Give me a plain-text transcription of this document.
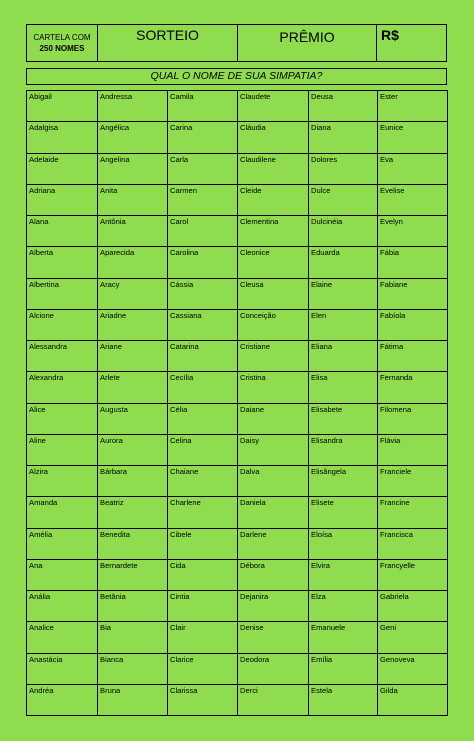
CARTELA COM
250 NOMES
SORTEIO	PRÊMIO	R$
QUAL O NOME DE SUA SIMPATIA?
Abigail	Andressa	Camila	Claudete	Deusa	Ester
Adalgisa	Angélica	Carina	Cláudia	Diana	Eunice
Adelaide	Angelina	Carla	Claudilene	Dolores	Eva
Adriana	Anita	Carmen	Cleide	Dulce	Evelise
Alana	Antônia	Carol	Clementina	Dulcinéia	Evelyn
Alberta	Aparecida	Carolina	Cleonice	Eduarda	Fábia
Albertina	Aracy	Cássia	Cleusa	Elaine	Fabiane
Alcione	Ariadne	Cassiana	Conceição	Elen	Fabíola
Alessandra	Ariane	Catarina	Cristiane	Eliana	Fátima
Alexandra	Arlete	Cecília	Cristina	Elisa	Fernanda
Alice	Augusta	Célia	Daiane	Elisabete	Filomena
Aline	Aurora	Celina	Daisy	Elisandra	Flávia
Alzira	Bárbara	Chaiane	Dalva	Elisângela	Franciele
Amanda	Beatriz	Charlene	Daniela	Elisete	Francine
Amélia	Benedita	Cibele	Darlene	Eloísa	Francisca
Ana	Bernardete	Cida	Débora	Elvira	Francyelle
Anália	Betânia	Cintia	Dejanira	Elza	Gabriela
Analice	Bia	Clair	Denise	Emanuele	Geni
Anastácia	Bianca	Clarice	Deodora	Emília	Genoveva
Andréa	Bruna	Clarissa	Derci	Estela	Gilda
